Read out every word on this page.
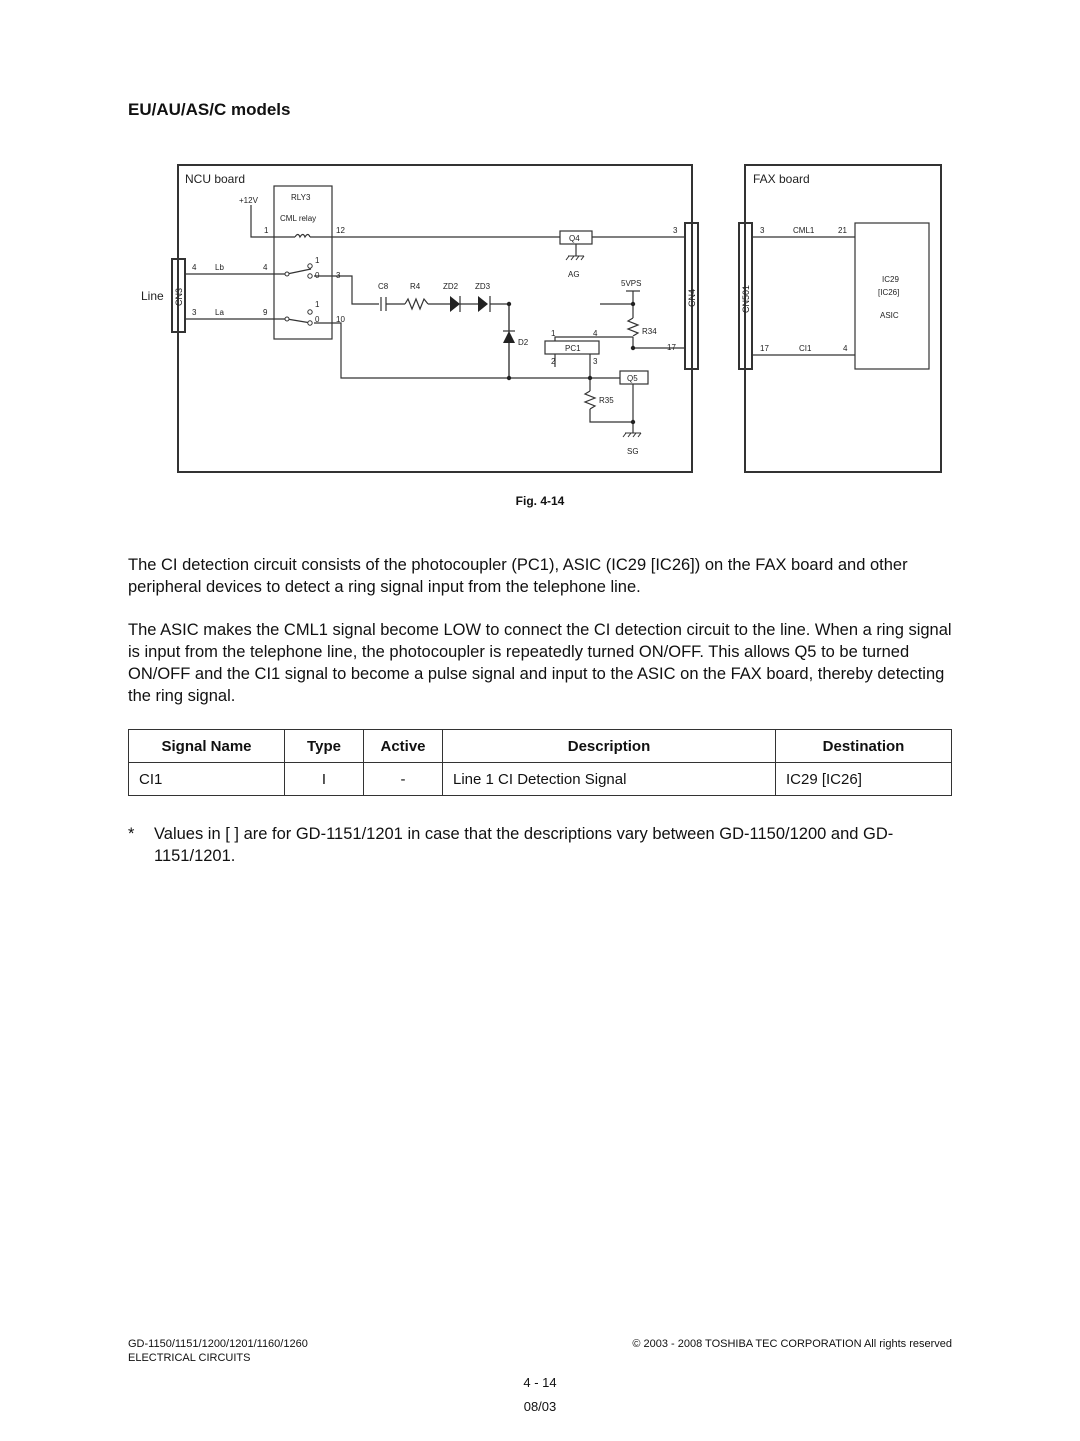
EU/AU/AS/C models
NCU board	FAX board
Line CN3	CN4	CN501
+12V	RLY3
CML relay
1	12
4 Lb	4
1
0 3
3 La	9
1
0 10
C8	R4	ZD2 ZD3
Q4
AG
5VPS
3
17
R34
D2
PC1
1	4
2	3
Q5
R35
SG
3	CML1	21
17	CI1	4
IC29
[IC26]
ASIC
Fig. 4-14

The CI detection circuit consists of the photocoupler (PC1), ASIC (IC29 [IC26]) on the FAX board and other peripheral devices to detect a ring signal input from the telephone line.

The ASIC makes the CML1 signal become LOW to connect the CI detection circuit to the line. When a ring signal is input from the telephone line, the photocoupler is repeatedly turned ON/OFF. This allows Q5 to be turned ON/OFF and the CI1 signal to become a pulse signal and input to the ASIC on the FAX board, thereby detecting the ring signal.

Signal Name	Type	Active	Description	Destination
CI1	I	-	Line 1 CI Detection Signal	IC29 [IC26]
*	Values in [ ] are for GD-1151/1201 in case that the descriptions vary between GD-1150/1200 and GD-1151/1201.
GD-1150/1151/1200/1201/1160/1260
ELECTRICAL CIRCUITS
© 2003 - 2008 TOSHIBA TEC CORPORATION All rights reserved
4 - 14
08/03
